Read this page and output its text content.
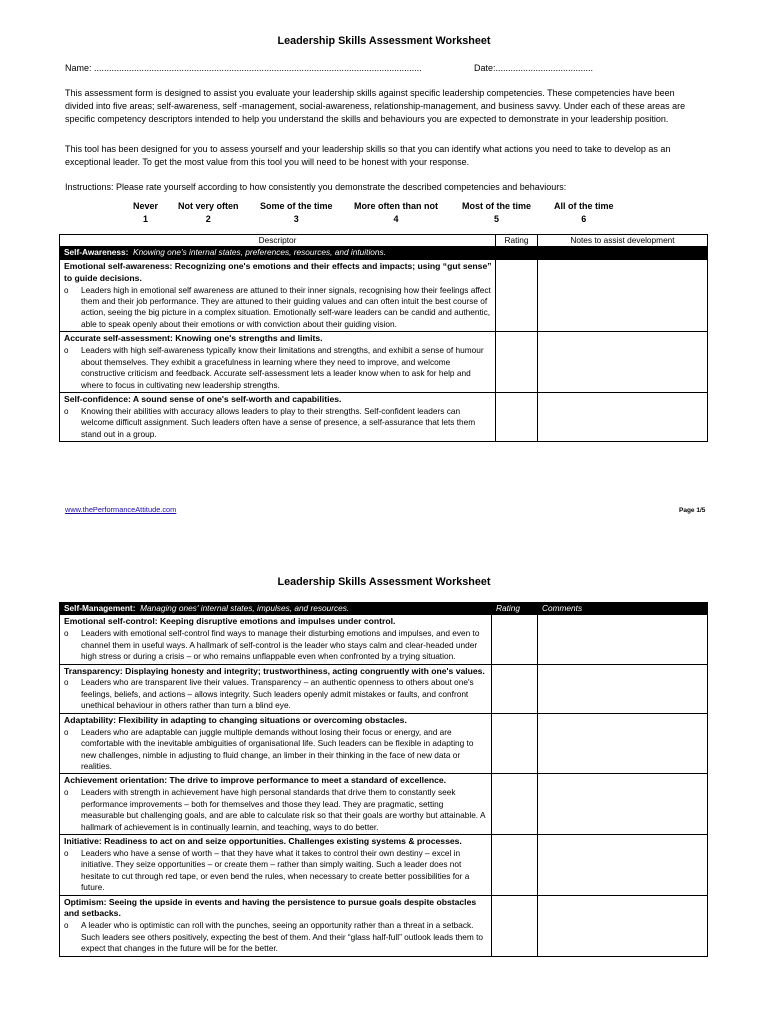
Leadership Skills Assessment Worksheet
Name: ...................................................................................................................................	Date:.......................................
This assessment form is designed to assist you evaluate your leadership skills against specific leadership competencies. These competencies have been divided into five areas; self-awareness, self -management, social-awareness, relationship-management, and business savvy. Under each of these areas are specific competency descriptors intended to help you understand the skills and behaviours you are expected to demonstrate in your leadership position.
This tool has been designed for you to assess yourself and your leadership skills so that you can identify what actions you need to take to develop as an exceptional leader. To get the most value from this tool you will need to be honest with your response.
Instructions: Please rate yourself according to how consistently you demonstrate the described competencies and behaviours:
Never
1
Not very often
2
Some of the time
3
More often than not
4
Most of the time
5
All of the time
6
Descriptor	Rating	Notes to assist development
Self-Awareness: Knowing one's internal states, preferences, resources, and intuitions.		

Emotional self-awareness: Recognizing one's emotions and their effects and impacts; using “gut sense” to guide decisions.
o Leaders high in emotional self awareness are attuned to their inner signals, recognising how their feelings affect them and their job performance. They are attuned to their guiding values and can often intuit the best course of action, seeing the big picture in a complex situation. Emotionally self-ware leaders can be candid and authentic, able to speak openly about their emotions or with conviction about their guiding vision.		

Accurate self-assessment: Knowing one's strengths and limits.
o Leaders with high self-awareness typically know their limitations and strengths, and exhibit a sense of humour about themselves. They exhibit a gracefulness in learning where they need to improve, and welcome constructive criticism and feedback. Accurate self-assessment lets a leader know when to ask for help and where to focus in cultivating new leadership strengths.		

Self-confidence: A sound sense of one's self-worth and capabilities.
o Knowing their abilities with accuracy allows leaders to play to their strengths. Self-confident leaders can welcome difficult assignment. Such leaders often have a sense of presence, a self-assurance that lets them stand out in a group.		

www.thePerformanceAttitude.com	Page 1/5
Leadership Skills Assessment Worksheet
Self-Management: Managing ones' internal states, impulses, and resources.	Rating	Comments

Emotional self-control: Keeping disruptive emotions and impulses under control.
o Leaders with emotional self-control find ways to manage their disturbing emotions and impulses, and even to channel them in useful ways. A hallmark of self-control is the leader who stays calm and clear-headed under high stress or during a crisis – or who remains unflappable even when confronted by a trying situation.		

Transparency: Displaying honesty and integrity; trustworthiness, acting congruently with one's values.
o Leaders who are transparent live their values. Transparency – an authentic openness to others about one's feelings, beliefs, and actions – allows integrity. Such leaders openly admit mistakes or faults, and confront unethical behaviour in others rather than turn a blind eye.		

Adaptability: Flexibility in adapting to changing situations or overcoming obstacles.
o Leaders who are adaptable can juggle multiple demands without losing their focus or energy, and are comfortable with the inevitable ambiguities of organisational life. Such leaders can be flexible in adapting to new challenges, nimble in adjusting to fluid change, an limber in their thinking in the face of new data or realities.		

Achievement orientation: The drive to improve performance to meet a standard of excellence.
o Leaders with strength in achievement have high personal standards that drive them to constantly seek performance improvements – both for themselves and those they lead. They are pragmatic, setting measurable but challenging goals, and are able to calculate risk so that their goals are worthy but attainable. A hallmark of achievement is in continually learnin, and teaching, ways to do better.		

Initiative: Readiness to act on and seize opportunities. Challenges existing systems & processes.
o Leaders who have a sense of worth – that they have what it takes to control their own destiny – excel in initiative. They seize opportunities – or create them – rather than simply waiting. Such a leader does not hesitate to cut through red tape, or even bend the rules, when necessary to create better possibilities for a future.		

Optimism: Seeing the upside in events and having the persistence to pursue goals despite obstacles and setbacks.
o A leader who is optimistic can roll with the punches, seeing an opportunity rather than a threat in a setback. Such leaders see others positively, expecting the best of them. And their “glass half-full” outlook leads them to expect that changes in the future will be for the better.		
